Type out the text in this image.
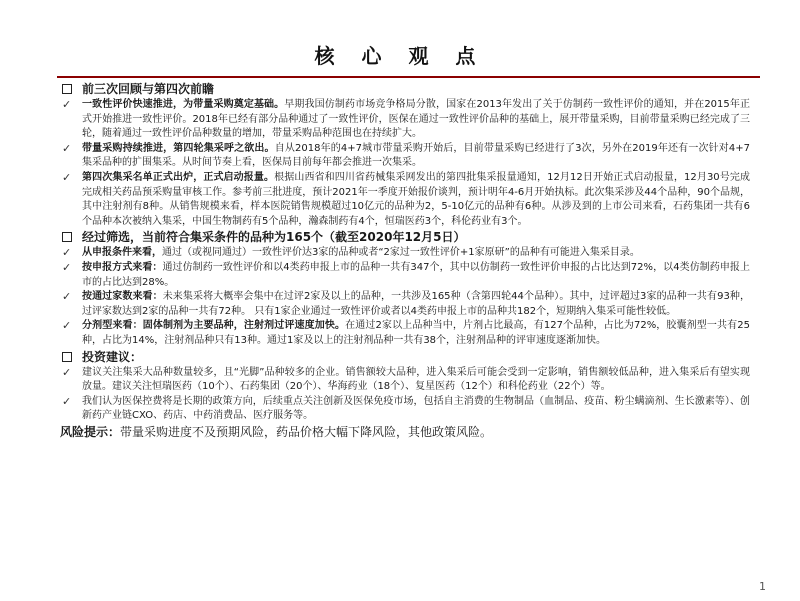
核 心 观 点
前三次回顾与第四次前瞻
✓ 一致性评价快速推进，为带量采购奠定基础。早期我国仿制药市场竞争格局分散，国家在2013年发出了关于仿制药一致性评价的通知，并在2015年正式开始推进一致性评价。2018年已经有部分品种通过了一致性评价，医保在通过一致性评价品种的基础上，展开带量采购，目前带量采购已经完成了三轮，随着通过一致性评价品种数量的增加，带量采购品种范围也在持续扩大。
✓ 带量采购持续推进，第四轮集采呼之欲出。自从2018年的4+7城市带量采购开始后，目前带量采购已经进行了3次，另外在2019年还有一次针对4+7集采品种的扩围集采。从时间节奏上看，医保局目前每年都会推进一次集采。
✓ 第四次集采名单正式出炉，正式启动报量。根据山西省和四川省药械集采网发出的第四批集采报量通知，12月12日开始正式启动报量，12月30号完成完成相关药品预采购量审核工作。参考前三批进度，预计2021年一季度开始报价谈判，预计明年4-6月开始执标。此次集采涉及44个品种，90个品规，其中注射剂有8种。从销售规模来看，样本医院销售规模超过10亿元的品种为2，5-10亿元的品种有6种。从涉及到的上市公司来看，石药集团一共有6个品种本次被纳入集采，中国生物制药有5个品种，瀚森制药有4个，恒瑞医药3个，科伦药业有3个。
经过筛选，当前符合集采条件的品种为165个（截至2020年12月5日）
✓ 从申报条件来看，通过（或视同通过）一致性评价达3家的品种或者“2家过一致性评价+1家原研”的品种有可能进入集采目录。
✓ 按申报方式来看：通过仿制药一致性评价和以4类药申报上市的品种一共有347个，其中以仿制药一致性评价申报的占比达到72%，以4类仿制药申报上市的占比达到28%。
✓ 按通过家数来看：未来集采将大概率会集中在过评2家及以上的品种，一共涉及165种（含第四轮44个品种）。其中，过评超过3家的品种一共有93种，过评家数达到2家的品种一共有72种。 只有1家企业通过一致性评价或者以4类药申报上市的品种共182个，短期纳入集采可能性较低。
✓ 分剂型来看：固体制剂为主要品种，注射剂过评速度加快。在通过2家以上品种当中，片剂占比最高，有127个品种，占比为72%，胶囊剂型一共有25种，占比为14%，注射剂品种只有13种。通过1家及以上的注射剂品种一共有38个，注射剂品种的评审速度逐渐加快。
投资建议：
✓ 建议关注集采大品种数量较多，且“光脚”品种较多的企业。销售额较大品种，进入集采后可能会受到一定影响，销售额较低品种，进入集采后有望实现放量。建议关注恒瑞医药（10个）、石药集团（20个）、华海药业（18个）、复星医药（12个）和科伦药业（22个）等。
✓ 我们认为医保控费将是长期的政策方向，后续重点关注创新及医保免疫市场，包括自主消费的生物制品（血制品、疫苗、粉尘螨滴剂、生长激素等）、创新药产业链CXO、药店、中药消费品、医疗服务等。
风险提示：带量采购进度不及预期风险，药品价格大幅下降风险，其他政策风险。
1
